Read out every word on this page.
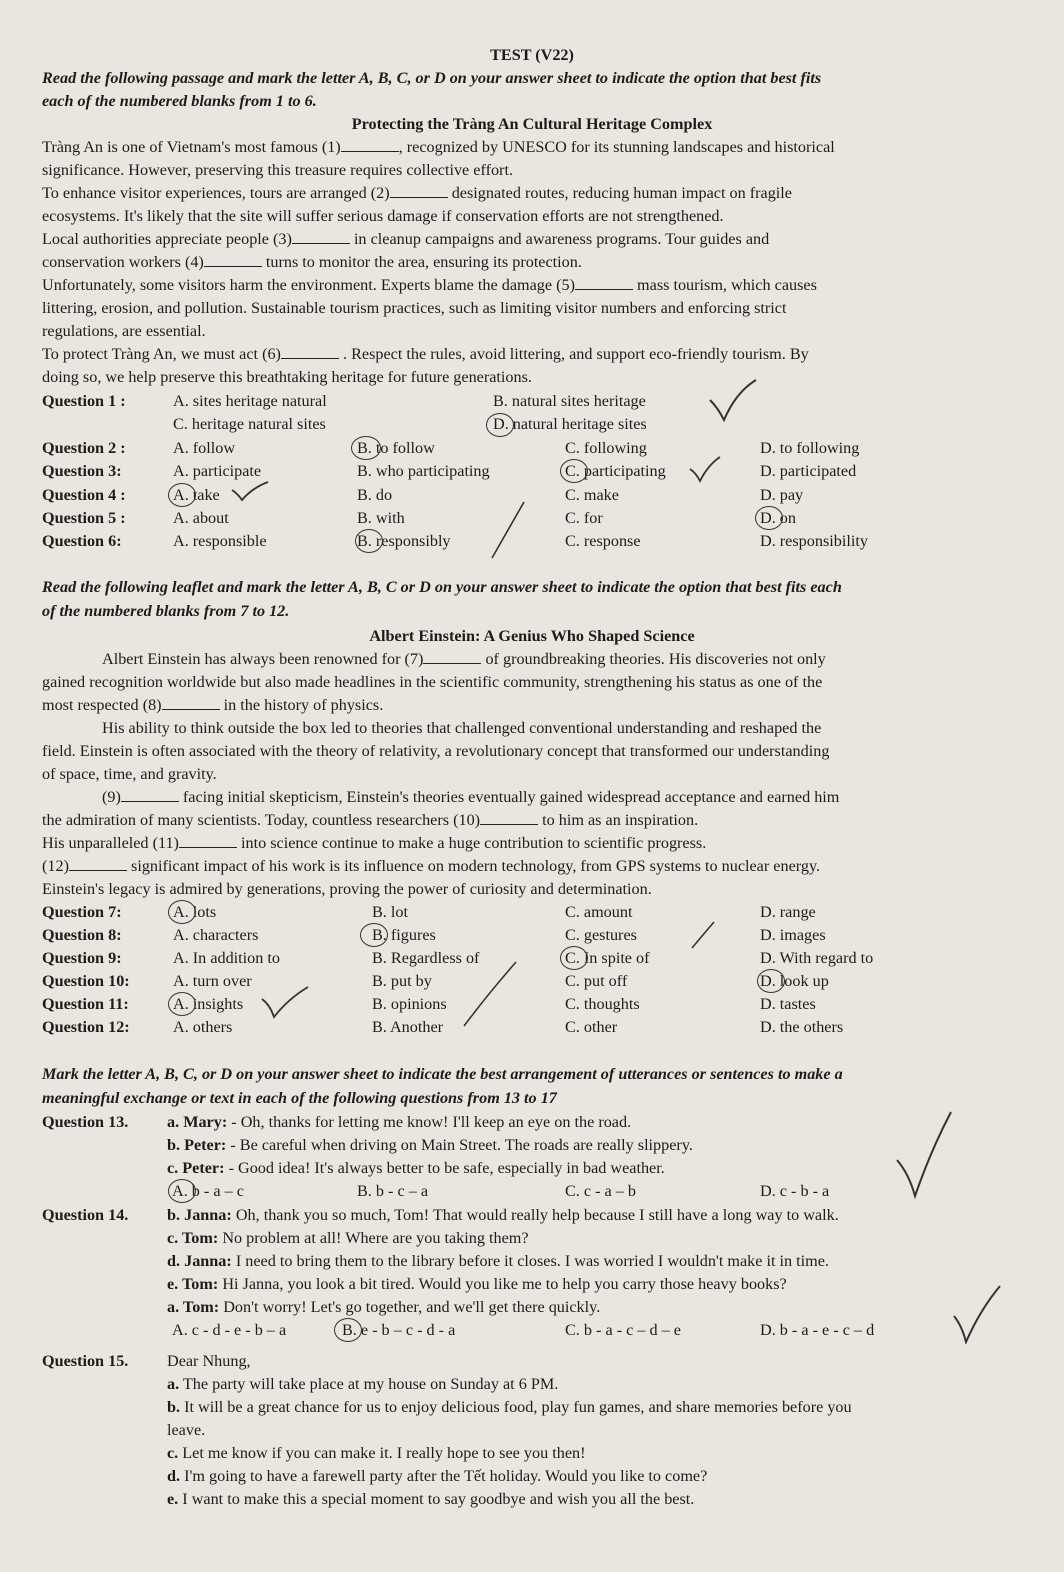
TEST (V22)
Read the following passage and mark the letter A, B, C, or D on your answer sheet to indicate the option that best fits
each of the numbered blanks from 1 to 6.
Protecting the Tràng An Cultural Heritage Complex
Tràng An is one of Vietnam's most famous (1)	, recognized by UNESCO for its stunning landscapes and historical
significance. However, preserving this treasure requires collective effort.
To enhance visitor experiences, tours are arranged (2)	designated routes, reducing human impact on fragile
ecosystems. It's likely that the site will suffer serious damage if conservation efforts are not strengthened.
Local authorities appreciate people (3)	in cleanup campaigns and awareness programs. Tour guides and
conservation workers (4)	turns to monitor the area, ensuring its protection.
Unfortunately, some visitors harm the environment. Experts blame the damage (5)	mass tourism, which causes
littering, erosion, and pollution. Sustainable tourism practices, such as limiting visitor numbers and enforcing strict
regulations, are essential.
To protect Tràng An, we must act (6)	. Respect the rules, avoid littering, and support eco-friendly tourism. By
doing so, we help preserve this breathtaking heritage for future generations.
Question 1 :	A. sites heritage natural	B. natural sites heritage
C. heritage natural sites	D. natural heritage sites
Question 2 :	A. follow	B. to follow	C. following	D. to following
Question 3:	A. participate	B. who participating	C. participating	D. participated
Question 4 :	A. take	B. do	C. make	D. pay
Question 5 :	A. about	B. with	C. for	D. on
Question 6:	A. responsible	B. responsibly	C. response	D. responsibility
Read the following leaflet and mark the letter A, B, C or D on your answer sheet to indicate the option that best fits each
of the numbered blanks from 7 to 12.
Albert Einstein: A Genius Who Shaped Science
Albert Einstein has always been renowned for (7)	of groundbreaking theories. His discoveries not only
gained recognition worldwide but also made headlines in the scientific community, strengthening his status as one of the
most respected (8)	in the history of physics.
His ability to think outside the box led to theories that challenged conventional understanding and reshaped the
field. Einstein is often associated with the theory of relativity, a revolutionary concept that transformed our understanding
of space, time, and gravity.
(9)	facing initial skepticism, Einstein's theories eventually gained widespread acceptance and earned him
the admiration of many scientists. Today, countless researchers (10)	to him as an inspiration.
His unparalleled (11)	into science continue to make a huge contribution to scientific progress.
(12)	significant impact of his work is its influence on modern technology, from GPS systems to nuclear energy.
Einstein's legacy is admired by generations, proving the power of curiosity and determination.
Question 7:	A. lots	B. lot	C. amount	D. range
Question 8:	A. characters	B. figures	C. gestures	D. images
Question 9:	A. In addition to	B. Regardless of	C. In spite of	D. With regard to
Question 10:	A. turn over	B. put by	C. put off	D. look up
Question 11:	A. insights	B. opinions	C. thoughts	D. tastes
Question 12:	A. others	B. Another	C. other	D. the others
Mark the letter A, B, C, or D on your answer sheet to indicate the best arrangement of utterances or sentences to make a
meaningful exchange or text in each of the following questions from 13 to 17
Question 13.	a. Mary: - Oh, thanks for letting me know! I'll keep an eye on the road.
b. Peter: - Be careful when driving on Main Street. The roads are really slippery.
c. Peter: - Good idea! It's always better to be safe, especially in bad weather.
A. b - a – c	B. b - c – a	C. c - a – b	D. c - b - a
Question 14.	b. Janna: Oh, thank you so much, Tom! That would really help because I still have a long way to walk.
c. Tom: No problem at all! Where are you taking them?
d. Janna: I need to bring them to the library before it closes. I was worried I wouldn't make it in time.
e. Tom: Hi Janna, you look a bit tired. Would you like me to help you carry those heavy books?
a. Tom: Don't worry! Let's go together, and we'll get there quickly.
A. c - d - e - b – a	B. e - b – c - d - a	C. b - a - c – d – e	D. b - a - e - c – d
Question 15.	Dear Nhung,
a. The party will take place at my house on Sunday at 6 PM.
b. It will be a great chance for us to enjoy delicious food, play fun games, and share memories before you
leave.
c. Let me know if you can make it. I really hope to see you then!
d. I'm going to have a farewell party after the Tết holiday. Would you like to come?
e. I want to make this a special moment to say goodbye and wish you all the best.
